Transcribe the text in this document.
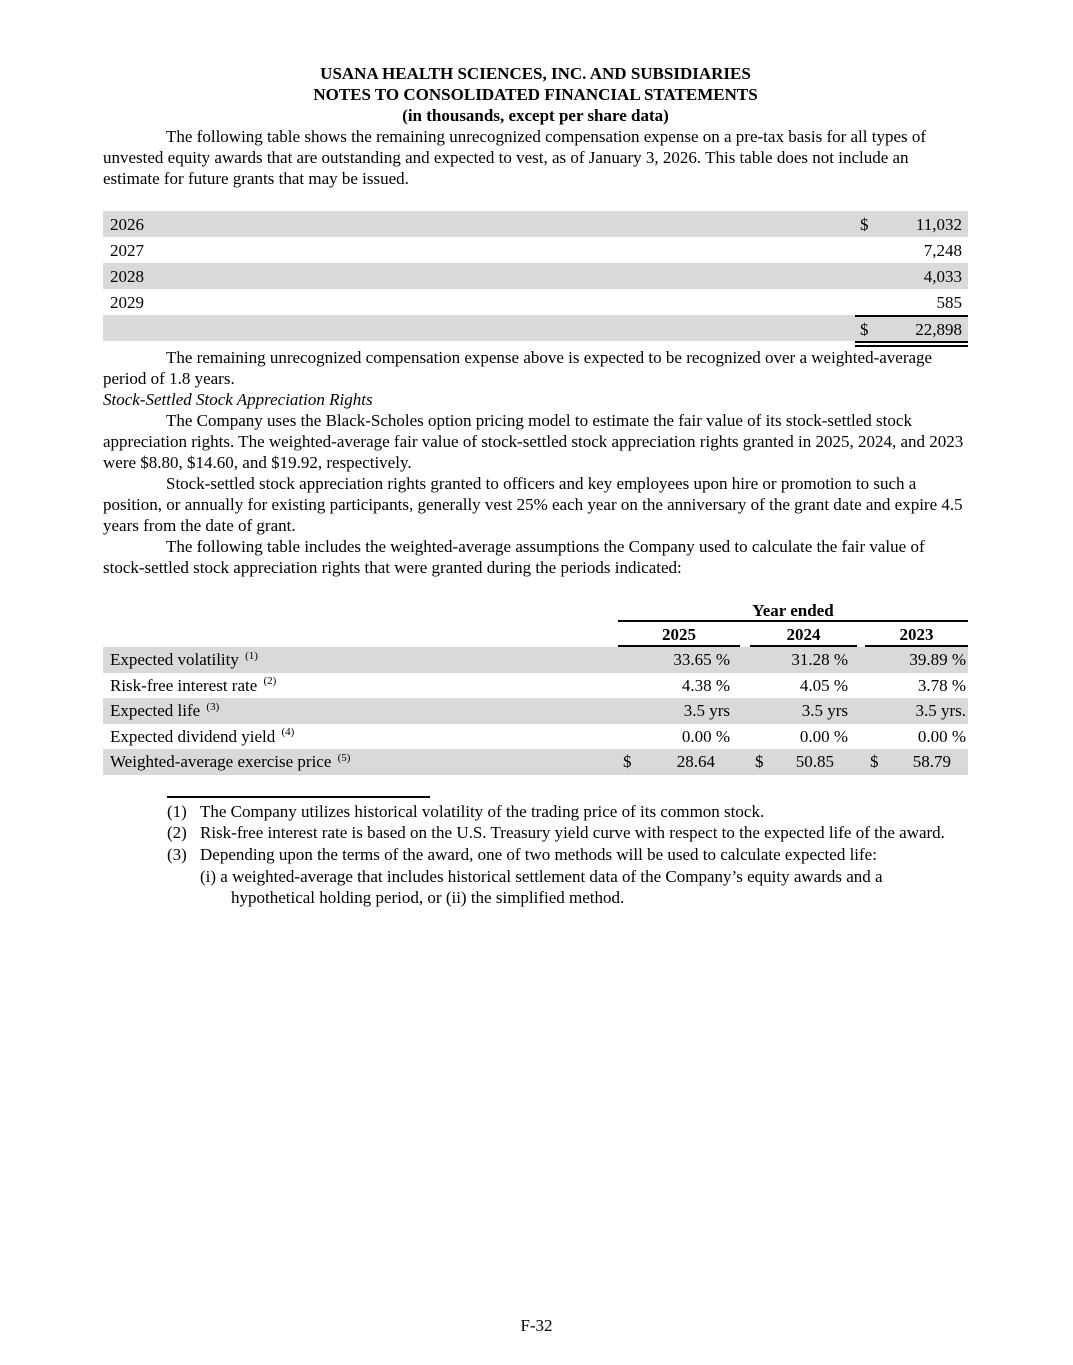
USANA HEALTH SCIENCES, INC. AND SUBSIDIARIES
NOTES TO CONSOLIDATED FINANCIAL STATEMENTS
(in thousands, except per share data)

The following table shows the remaining unrecognized compensation expense on a pre-tax basis for all types of unvested equity awards that are outstanding and expected to vest, as of January 3, 2026. This table does not include an estimate for future grants that may be issued.

2026	$	11,032
2027	7,248
2028	4,033
2029	585
$	22,898

The remaining unrecognized compensation expense above is expected to be recognized over a weighted-average period of 1.8 years.

Stock-Settled Stock Appreciation Rights

The Company uses the Black-Scholes option pricing model to estimate the fair value of its stock-settled stock appreciation rights. The weighted-average fair value of stock-settled stock appreciation rights granted in 2025, 2024, and 2023 were $8.80, $14.60, and $19.92, respectively.

Stock-settled stock appreciation rights granted to officers and key employees upon hire or promotion to such a position, or annually for existing participants, generally vest 25% each year on the anniversary of the grant date and expire 4.5 years from the date of grant.

The following table includes the weighted-average assumptions the Company used to calculate the fair value of stock-settled stock appreciation rights that were granted during the periods indicated:

Year ended
2025	2024	2023
Expected volatility $^{(1)}$	33.65 %	31.28 %	39.89 %
Risk-free interest rate $^{(2)}$	4.38 %	4.05 %	3.78 %
Expected life $^{(3)}$	3.5 yrs	3.5 yrs	3.5 yrs.
Expected dividend yield $^{(4)}$	0.00 %	0.00 %	0.00 %
Weighted-average exercise price $^{(5)}$	$	28.64 $ 50.85 $ 58.79
(1) The Company utilizes historical volatility of the trading price of its common stock.
(2) Risk-free interest rate is based on the U.S. Treasury yield curve with respect to the expected life of the award.
(3) Depending upon the terms of the award, one of two methods will be used to calculate expected life:
(i) a weighted-average that includes historical settlement data of the Company’s equity awards and a
hypothetical holding period, or (ii) the simplified method.
F-32
